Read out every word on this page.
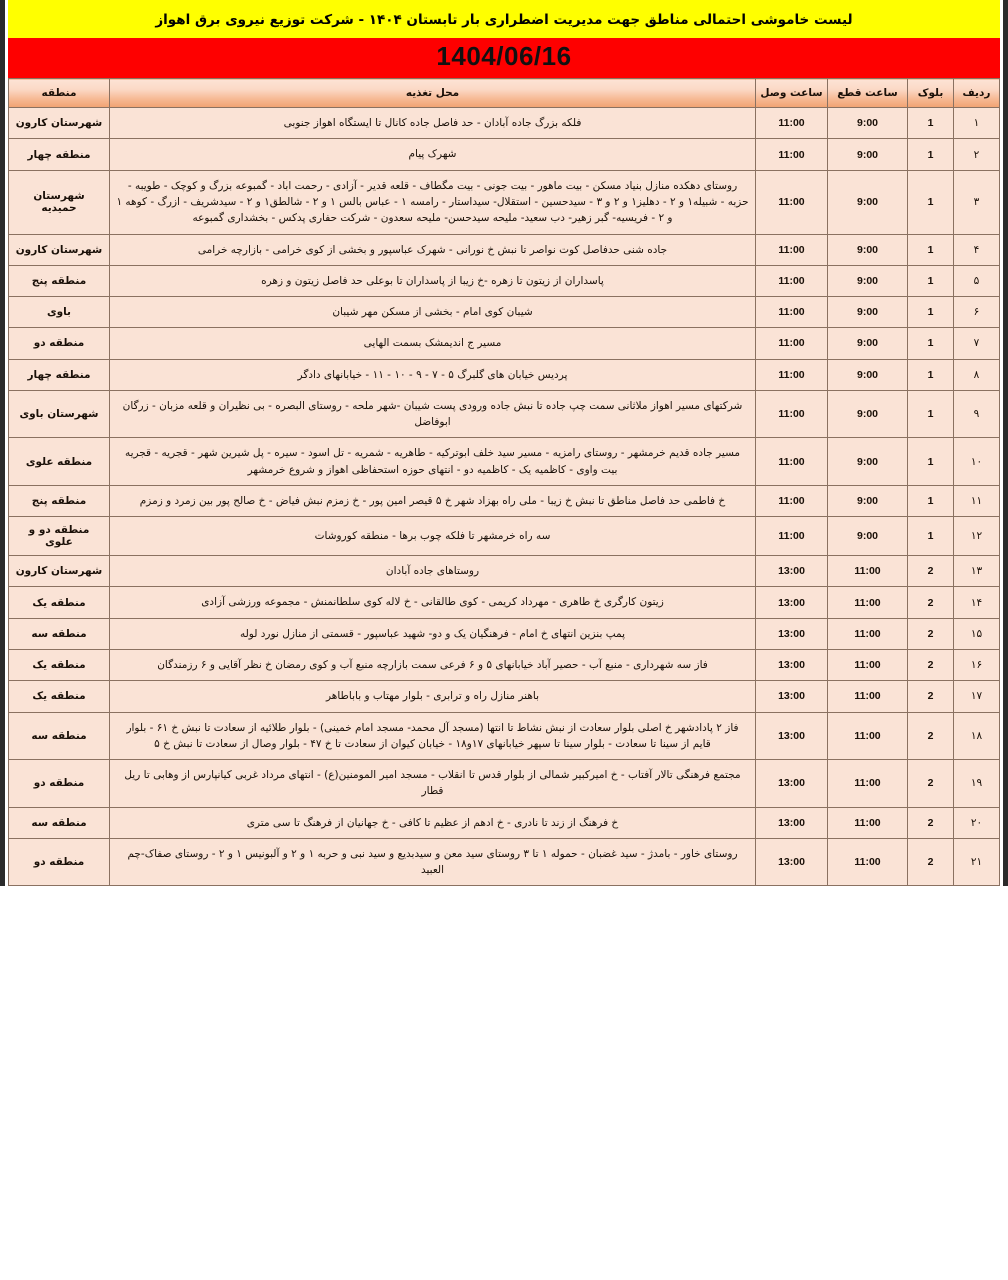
لیست خاموشی احتمالی مناطق جهت مدیریت اضطراری بار تابستان ۱۴۰۴ - شرکت توزیع نیروی برق اهواز
1404/06/16
ردیف	بلوک	ساعت قطع	ساعت وصل	محل تغذیه	منطقه
۱	1	9:00	11:00	فلکه بزرگ جاده آبادان - حد فاصل جاده کانال تا ایستگاه اهواز جنوبی	شهرستان کارون
۲	1	9:00	11:00	شهرک پیام	منطقه چهار
۳	1	9:00	11:00	روستای دهکده منازل بنیاد مسکن - بیت ماهور - بیت جونی - بیت مگطاف - قلعه قدیر - آزادی - رحمت اباد - گمبوعه بزرگ و کوچک - طویبه - حزبه - شبیله۱ و ۲ - دهلیز۱ و ۲ و ۳ - سیدحسین - استقلال- سیداستار - رامسه ۱ - عباس بالس ۱ و ۲ - شالطق۱ و ۲ - سیدشریف - ازرگ - کوهه ۱ و ۲ - فریسیه- گبر زهیر- دب سعید- ملیحه سیدحسن- ملیحه سعدون - شرکت حفاری پدکس - بخشداری گمبوعه	شهرستان حمیدیه
۴	1	9:00	11:00	جاده شنی حدفاصل کوت نواصر تا نبش خ نورانی - شهرک عباسپور و بخشی از کوی خرامی - بازارچه خرامی	شهرستان کارون
۵	1	9:00	11:00	پاسداران از زیتون تا زهره -خ زیبا از پاسداران تا بوعلی حد فاصل زیتون و زهره	منطقه پنج
۶	1	9:00	11:00	شیبان کوی امام - بخشی از مسکن مهر شیبان	باوی
۷	1	9:00	11:00	مسیر ج اندیمشک بسمت الهایی	منطقه دو
۸	1	9:00	11:00	پردیس خیابان های گلبرگ ۵ - ۷ - ۹ - ۱۰ - ۱۱ - خیابانهای دادگر	منطقه چهار
۹	1	9:00	11:00	شرکتهای مسیر اهواز ملاثانی سمت چپ جاده تا نبش جاده ورودی پست شیبان -شهر ملحه - روستای البصره - بی نظیران و قلعه مزبان - زرگان ابوفاضل	شهرستان باوی
۱۰	1	9:00	11:00	مسیر جاده قدیم خرمشهر - روستای رامزیه - مسیر سید خلف ابوترکیه - طاهریه - شمریه - تل اسود - سیره - پل شیرین شهر - قجریه - قجریه بیت واوی - کاظمیه یک - کاظمیه دو - انتهای حوزه استحفاظی اهواز و شروع خرمشهر	منطقه علوی
۱۱	1	9:00	11:00	خ فاطمی حد فاصل مناطق تا نبش خ زیبا - ملی راه بهزاد شهر خ ۵ قیصر امین پور - خ زمزم نبش فیاض - خ صالح پور بین زمرد و زمزم	منطقه پنج
۱۲	1	9:00	11:00	سه راه خرمشهر تا فلکه چوب برها - منطقه کوروشات	منطقه دو و علوی
۱۳	2	11:00	13:00	روستاهای جاده آبادان	شهرستان کارون
۱۴	2	11:00	13:00	زیتون کارگری خ طاهری - مهرداد کریمی - کوی طالقانی - خ لاله کوی سلطانمنش - مجموعه ورزشی آزادی	منطقه یک
۱۵	2	11:00	13:00	پمپ بنزین انتهای خ امام - فرهنگیان یک و دو- شهید عباسپور - قسمتی از منازل نورد لوله	منطقه سه
۱۶	2	11:00	13:00	فاز سه شهرداری - منبع آب - حصیر آباد خیابانهای ۵ و ۶ فرعی سمت بازارچه منبع آب و کوی رمضان خ نظر آقایی و ۶ رزمندگان	منطقه یک
۱۷	2	11:00	13:00	باهنر منازل راه و ترابری - بلوار مهتاب و باباطاهر	منطقه یک
۱۸	2	11:00	13:00	فاز ۲ پاداد‌شهر خ اصلی بلوار سعادت از نبش نشاط تا انتها (مسجد آل محمد- مسجد امام خمینی) - بلوار طلائیه از سعادت تا نبش خ ۶۱ - بلوار قایم از سینا تا سعادت - بلوار سینا تا سپهر خیابانهای ۱۷و۱۸ - خیابان کیوان از سعادت تا خ ۴۷ - بلوار وصال از سعادت تا نبش خ ۵	منطقه سه
۱۹	2	11:00	13:00	مجتمع فرهنگی تالار آفتاب - خ امیرکبیر شمالی از بلوار قدس تا انقلاب - مسجد امیر المومنین(ع) - انتهای مرداد غربی کیانپارس از وهابی تا ریل قطار	منطقه دو
۲۰	2	11:00	13:00	خ فرهنگ از زند تا نادری - خ ادهم از عظیم تا کافی - خ جهانیان از فرهنگ تا سی متری	منطقه سه
۲۱	2	11:00	13:00	روستای خاور - بامدژ - سید غضبان - حموله ۱ تا ۳ روستای سید معن و سیدبدیع و سید نبی و حربه ۱ و ۲ و آلبونیس ۱ و ۲ - روستای صفاک-چم العبید	منطقه دو
